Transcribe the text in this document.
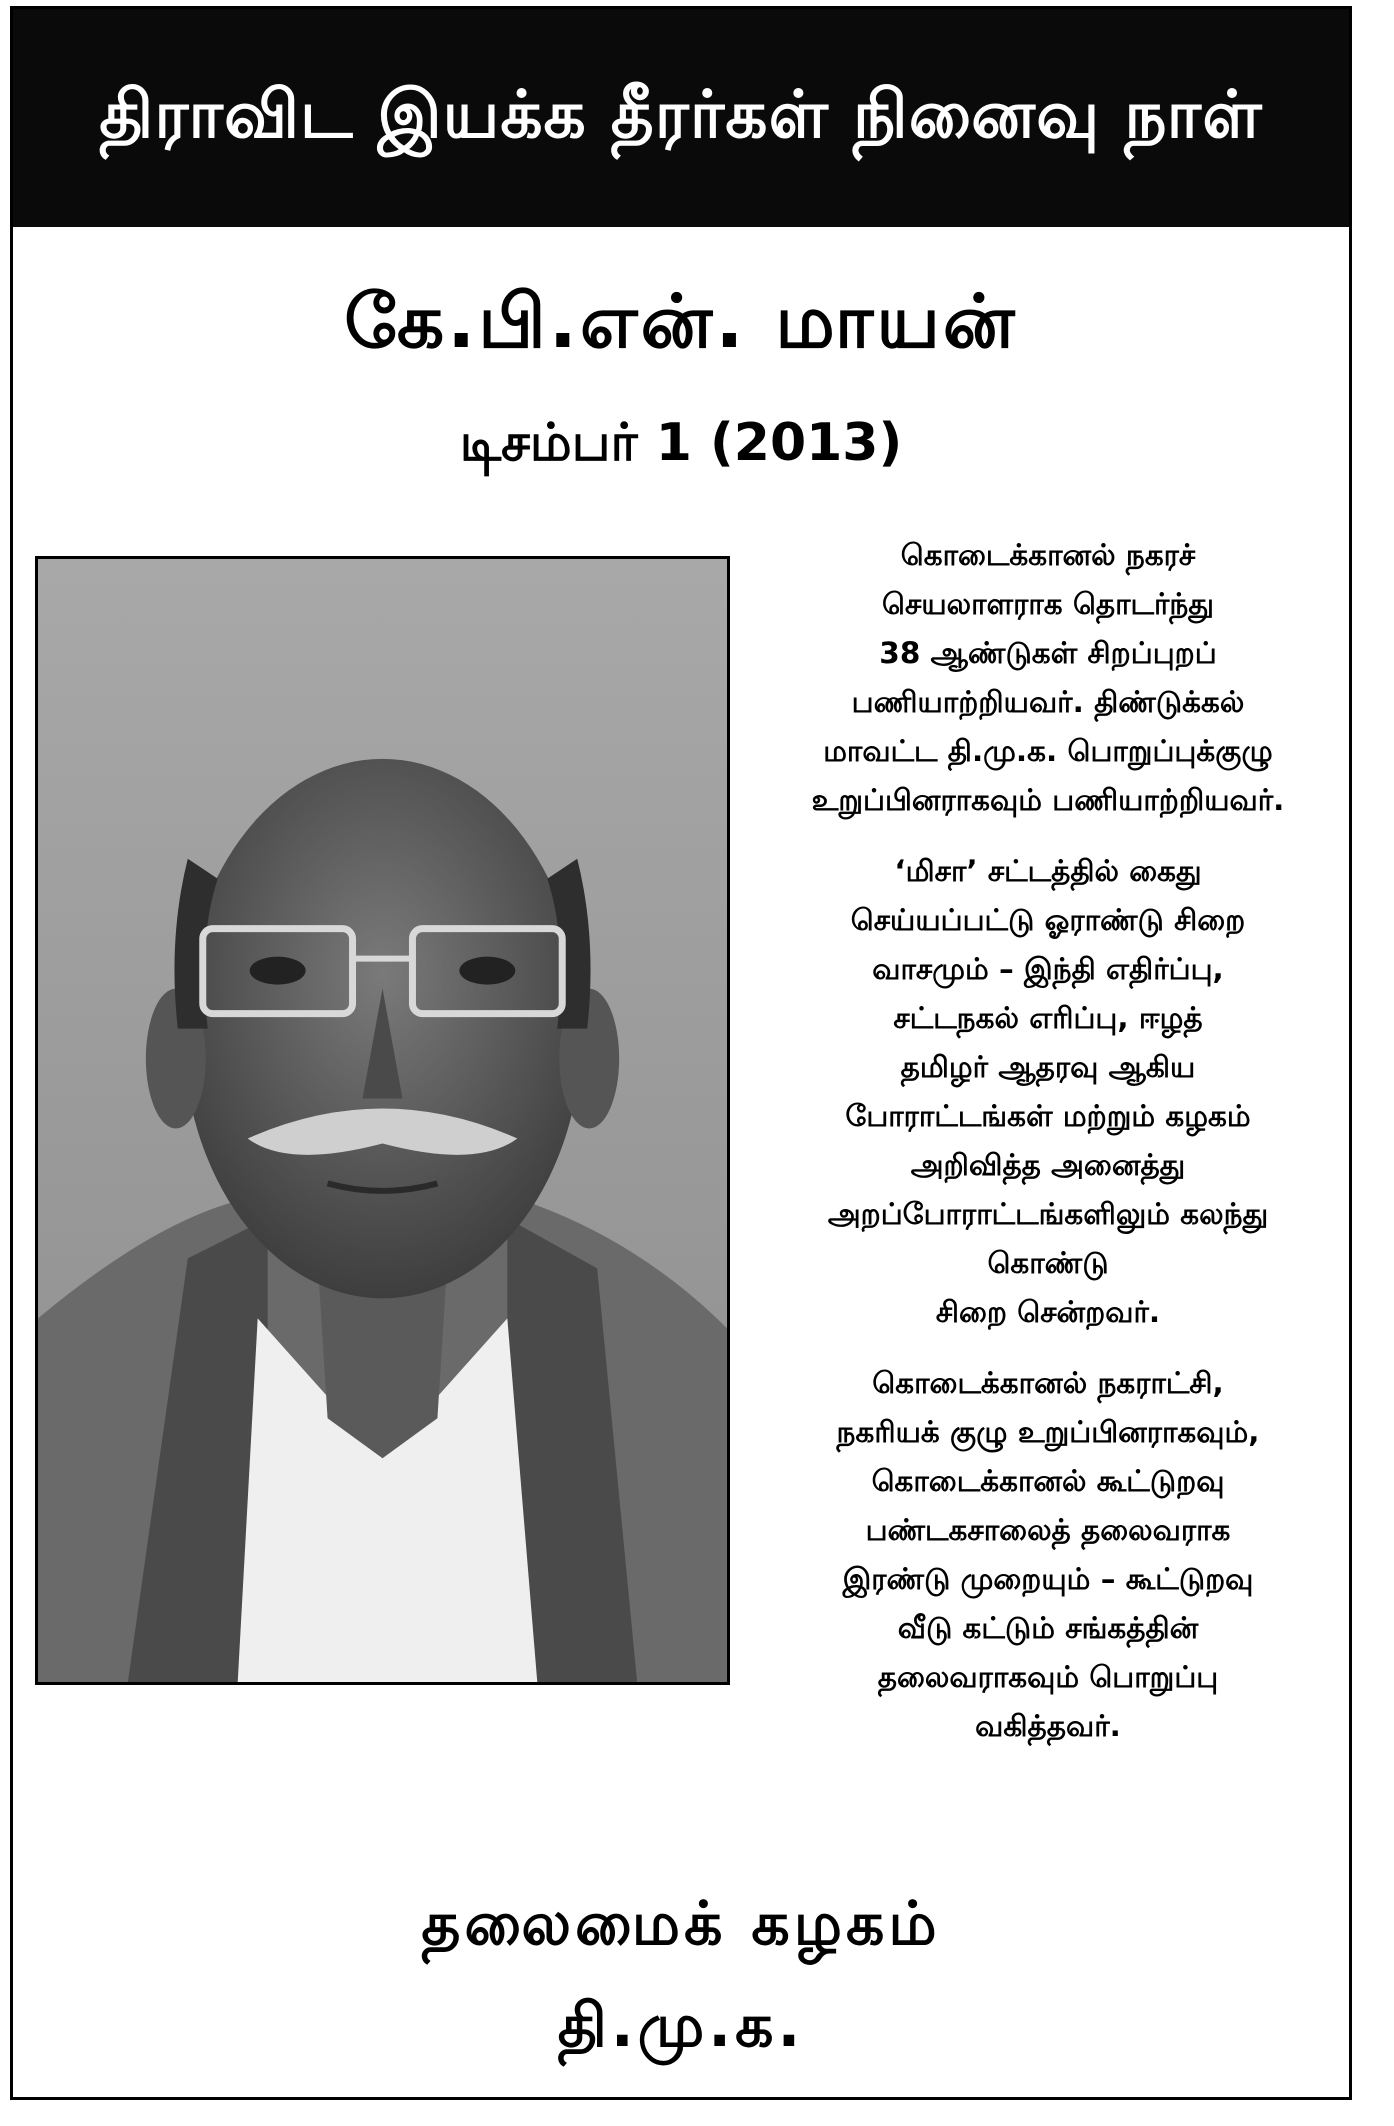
திராவிட இயக்க தீரர்கள் நினைவு நாள்
கே.பி.என். மாயன்
டிசம்பர் 1 (2013)

கொடைக்கானல் நகரச்
செயலாளராக தொடர்ந்து
38 ஆண்டுகள் சிறப்புறப்
பணியாற்றியவர். திண்டுக்கல்
மாவட்ட தி.மு.க. பொறுப்புக்குழு
உறுப்பினராகவும் பணியாற்றியவர்.

‘மிசா’ சட்டத்தில் கைது
செய்யப்பட்டு ஓராண்டு சிறை
வாசமும் – இந்தி எதிர்ப்பு,
சட்டநகல் எரிப்பு, ஈழத்
தமிழர் ஆதரவு ஆகிய
போராட்டங்கள் மற்றும் கழகம்
அறிவித்த அனைத்து
அறப்போராட்டங்களிலும் கலந்து
கொண்டு
சிறை சென்றவர்.

கொடைக்கானல் நகராட்சி,
நகரியக் குழு உறுப்பினராகவும்,
கொடைக்கானல் கூட்டுறவு
பண்டகசாலைத் தலைவராக
இரண்டு முறையும் – கூட்டுறவு
வீடு கட்டும் சங்கத்தின்
தலைவராகவும் பொறுப்பு
வகித்தவர்.

தலைமைக் கழகம்
தி.மு.க.
